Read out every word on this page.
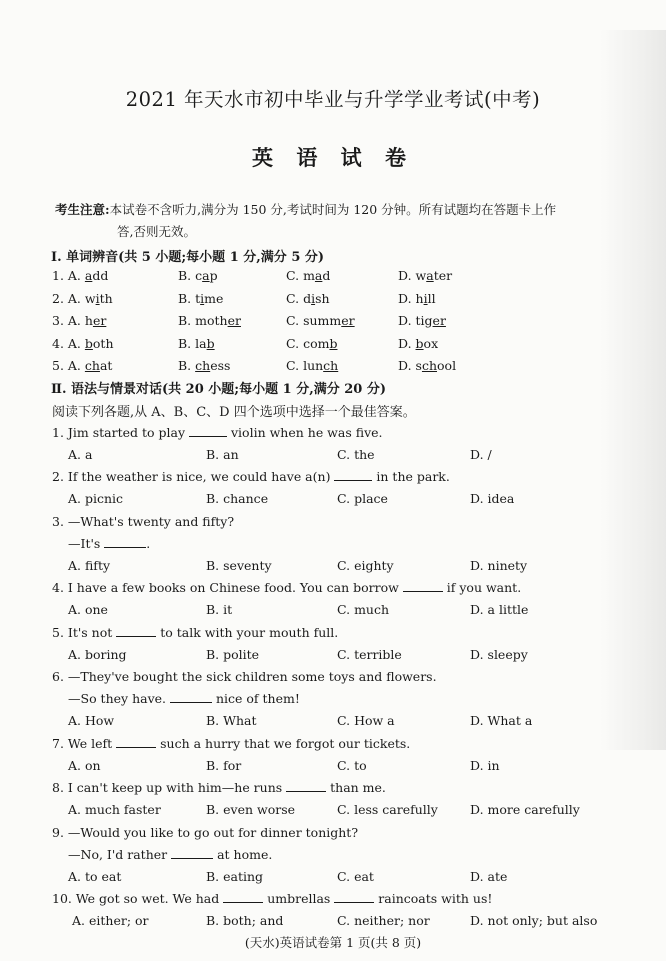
2021 年天水市初中毕业与升学学业考试(中考)
英 语 试 卷
考生注意:本试卷不含听力,满分为 150 分,考试时间为 120 分钟。所有试题均在答题卡上作
答,否则无效。
Ⅰ. 单词辨音(共 5 小题;每小题 1 分,满分 5 分)
1. A. add	B. cap	C. mad	D. water
2. A. with	B. time	C. dish	D. hill
3. A. her	B. mother	C. summer	D. tiger
4. A. both	B. lab	C. comb	D. box
5. A. chat	B. chess	C. lunch	D. school
Ⅱ. 语法与情景对话(共 20 小题;每小题 1 分,满分 20 分)
阅读下列各题,从 A、B、C、D 四个选项中选择一个最佳答案。
1. Jim started to play	violin when he was five.
A. a	B. an	C. the	D. /
2. If the weather is nice, we could have a(n)	in the park.
A. picnic	B. chance	C. place	D. idea
3. —What's twenty and fifty?
—It's	.
A. fifty	B. seventy	C. eighty	D. ninety
4. I have a few books on Chinese food. You can borrow	if you want.
A. one	B. it	C. much	D. a little
5. It's not	to talk with your mouth full.
A. boring	B. polite	C. terrible	D. sleepy
6. —They've bought the sick children some toys and flowers.
—So they have.	nice of them!
A. How	B. What	C. How a	D. What a
7. We left	such a hurry that we forgot our tickets.
A. on	B. for	C. to	D. in
8. I can't keep up with him—he runs	than me.
A. much faster	B. even worse	C. less carefully	D. more carefully
9. —Would you like to go out for dinner tonight?
—No, I'd rather	at home.
A. to eat	B. eating	C. eat	D. ate
10. We got so wet. We had	umbrellas	raincoats with us!
A. either; or	B. both; and	C. neither; nor	D. not only; but also
(天水)英语试卷第 1 页(共 8 页)
